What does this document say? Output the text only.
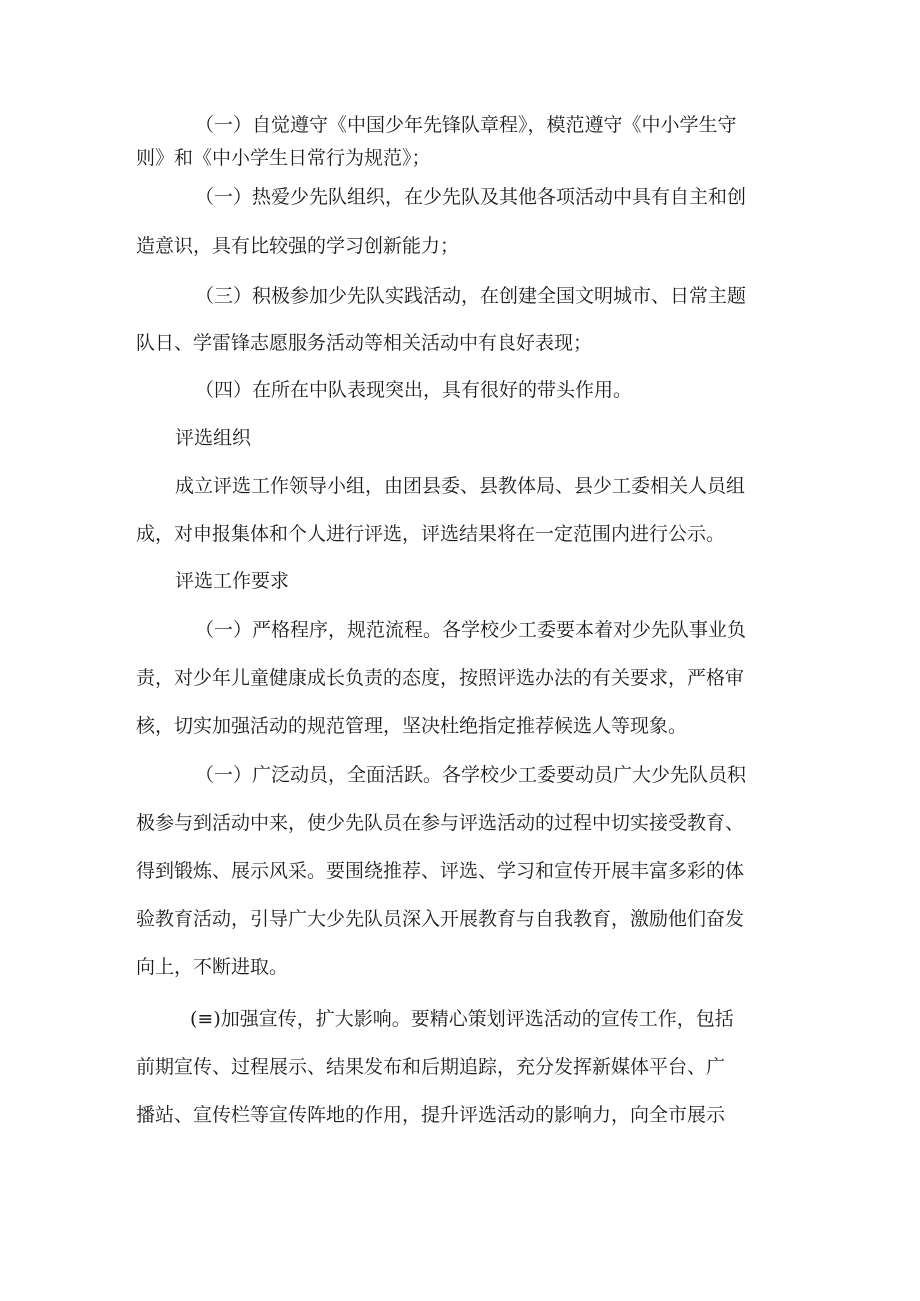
（一）自觉遵守《中国少年先锋队章程》，模范遵守《中小学生守

则》和《中小学生日常行为规范》；

（一）热爱少先队组织，在少先队及其他各项活动中具有自主和创

造意识，具有比较强的学习创新能力；

（三）积极参加少先队实践活动，在创建全国文明城市、日常主题

队日、学雷锋志愿服务活动等相关活动中有良好表现；

（四）在所在中队表现突出，具有很好的带头作用。

评选组织

成立评选工作领导小组，由团县委、县教体局、县少工委相关人员组

成，对申报集体和个人进行评选，评选结果将在一定范围内进行公示。

评选工作要求

（一）严格程序，规范流程。各学校少工委要本着对少先队事业负

责，对少年儿童健康成长负责的态度，按照评选办法的有关要求，严格审

核，切实加强活动的规范管理，坚决杜绝指定推荐候选人等现象。

（一）广泛动员，全面活跃。各学校少工委要动员广大少先队员积

极参与到活动中来，使少先队员在参与评选活动的过程中切实接受教育、

得到锻炼、展示风采。要围绕推荐、评选、学习和宣传开展丰富多彩的体

验教育活动，引导广大少先队员深入开展教育与自我教育，激励他们奋发

向上，不断进取。

(≡)加强宣传，扩大影响。要精心策划评选活动的宣传工作，包括

前期宣传、过程展示、结果发布和后期追踪，充分发挥新媒体平台、广

播站、宣传栏等宣传阵地的作用，提升评选活动的影响力，向全市展示
